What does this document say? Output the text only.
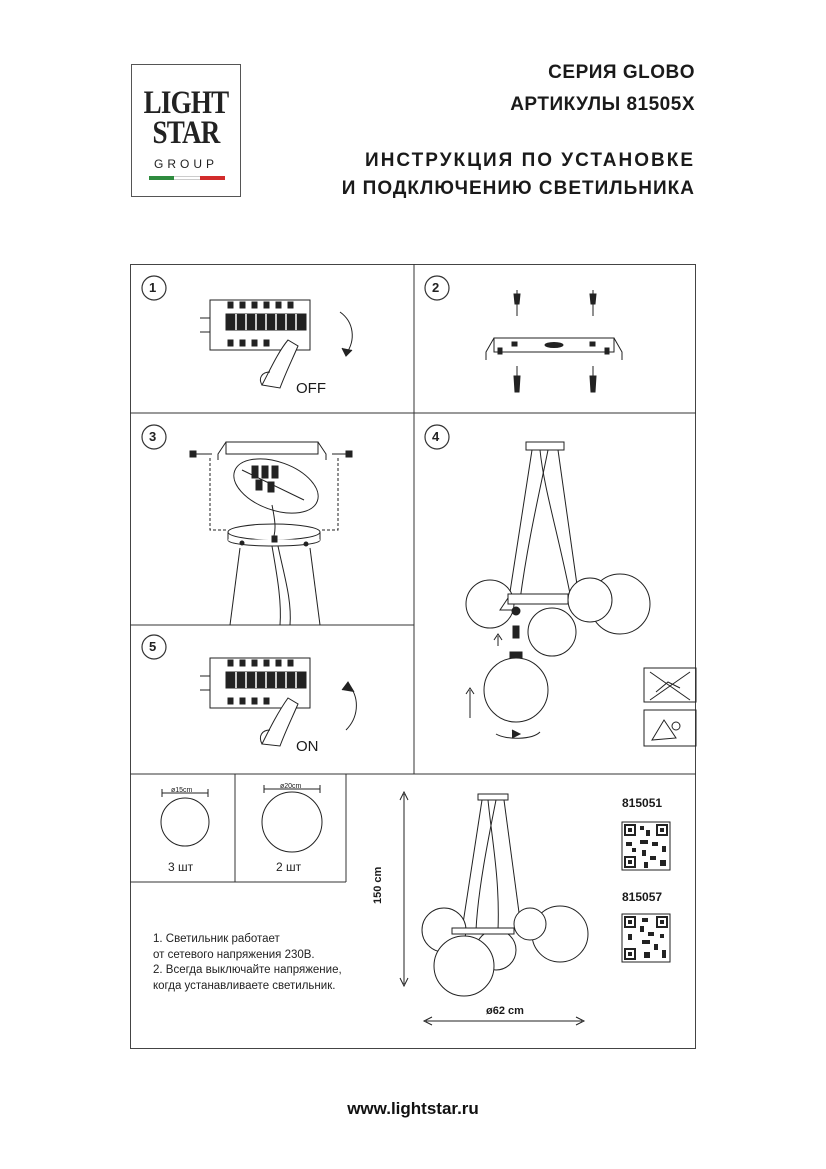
LIGHT
STAR
GROUP
СЕРИЯ GLOBO
АРТИКУЛЫ 81505X
ИНСТРУКЦИЯ ПО УСТАНОВКЕ
И ПОДКЛЮЧЕНИЮ СВЕТИЛЬНИКА
1	2
3	4
5
OFF
ON
ø15cm
3 шт
ø20cm
2 шт	150 cm
ø62 cm
815051
815057
1. Светильник работает
от сетевого напряжения 230В.
2. Всегда выключайте напряжение,
когда устанавливаете светильник.
www.lightstar.ru
